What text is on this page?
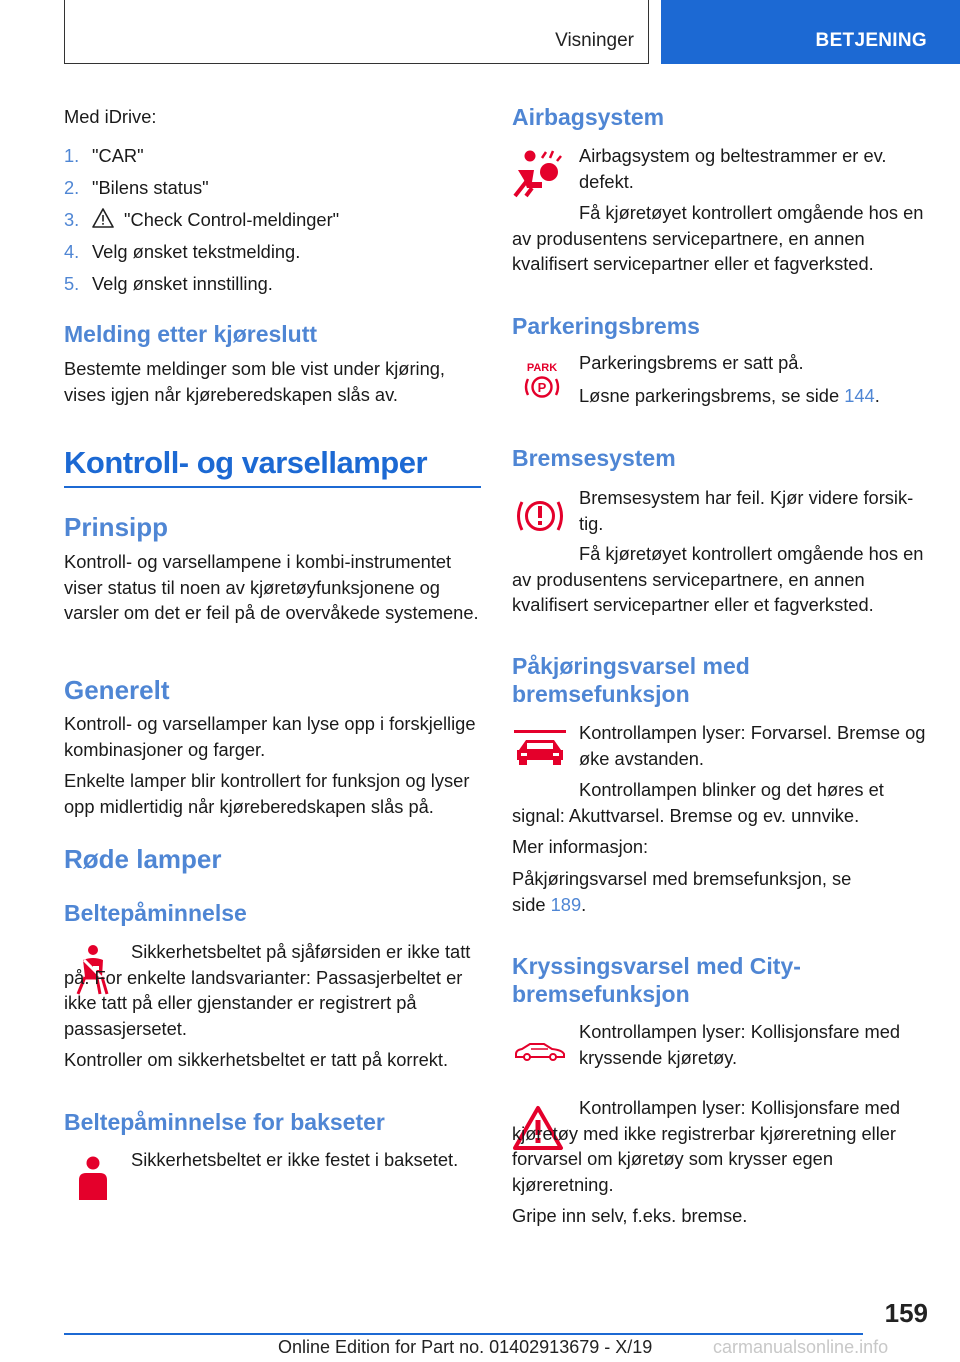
Visninger	BETJENING

Med iDrive:

1. "CAR"
2. "Bilens status"
3. "Check Control-meldinger"
4. Velg ønsket tekstmelding.
5. Velg ønsket innstilling.
Melding etter kjøreslutt

Bestemte meldinger som ble vist under kjøring, vises igjen når kjøreberedskapen slås av.

Kontroll- og varsellamper
Prinsipp

Kontroll- og varsellampene i kombi-instrumentet viser status til noen av kjøretøyfunksjonene og varsler om det er feil på de overvåkede systemene.

Generelt

Kontroll- og varsellamper kan lyse opp i forskjellige kombinasjoner og farger.

Enkelte lamper blir kontrollert for funksjon og lyser opp midlertidig når kjøreberedskapen slås på.

Røde lamper
Beltepåminnelse

Sikkerhetsbeltet på sjåførsiden er ikke tatt på. For enkelte landsvarianter: Passasjerbeltet er ikke tatt på eller gjenstander er registrert på passasjersetet.

Kontroller om sikkerhetsbeltet er tatt på korrekt.

Beltepåminnelse for bakseter

Sikkerhetsbeltet er ikke festet i baksetet.

Airbagsystem

Airbagsystem og beltestrammer er ev. defekt.

Få kjøretøyet kontrollert omgående hos en av produsentens servicepartnere, en annen kvalifisert servicepartner eller et fagverksted.

Parkeringsbrems
PARK
P

Parkeringsbrems er satt på.

Løsne parkeringsbrems, se side 144.

Bremsesystem

Bremsesystem har feil. Kjør videre forsiktig.

Få kjøretøyet kontrollert omgående hos en av produsentens servicepartnere, en annen kvalifisert servicepartner eller et fagverksted.

Påkjøringsvarsel med bremsefunksjon

Kontrollampen lyser: Forvarsel. Bremse og øke avstanden.

Kontrollampen blinker og det høres et signal: Akuttvarsel. Bremse og ev. unnvike.

Mer informasjon:

Påkjøringsvarsel med bremsefunksjon, se side 189.

Kryssingsvarsel med City-bremsefunksjon

Kontrollampen lyser: Kollisjonsfare med kryssende kjøretøy.

Kontrollampen lyser: Kollisjonsfare med kjøretøy med ikke registrerbar kjøreretning eller forvarsel om kjøretøy som krysser egen kjøreretning.

Gripe inn selv, f.eks. bremse.

159
Online Edition for Part no. 01402913679 - X/19	carmanualsonline.info
